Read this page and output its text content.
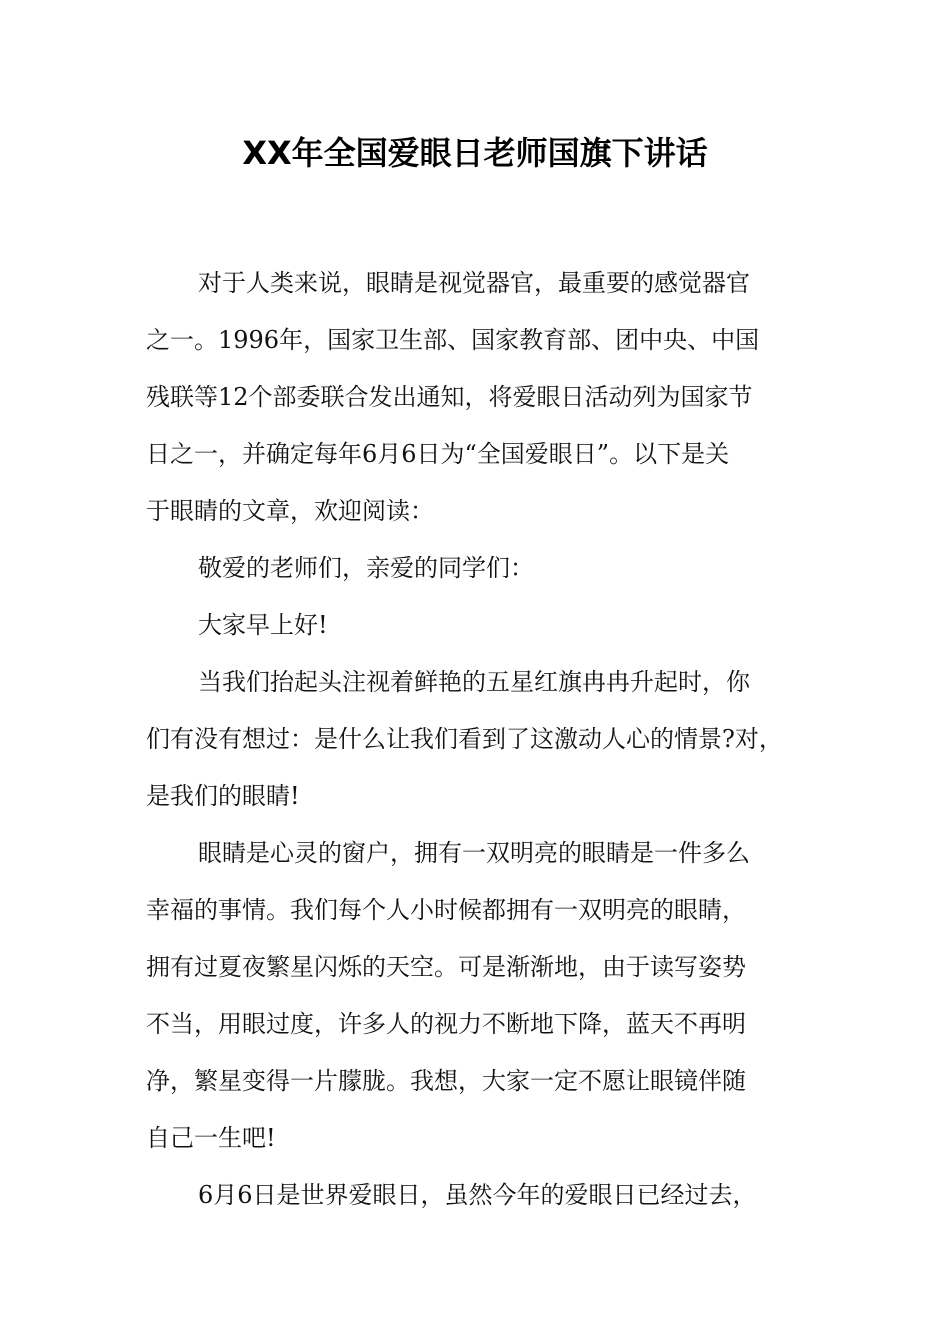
XX年全国爱眼日老师国旗下讲话
对于人类来说，眼睛是视觉器官，最重要的感觉器官
之一。1996年，国家卫生部、国家教育部、团中央、中国
残联等12个部委联合发出通知，将爱眼日活动列为国家节
日之一，并确定每年6月6日为“全国爱眼日”。以下是关
于眼睛的文章，欢迎阅读：
敬爱的老师们，亲爱的同学们：
大家早上好!
当我们抬起头注视着鲜艳的五星红旗冉冉升起时，你
们有没有想过：是什么让我们看到了这激动人心的情景?对，
是我们的眼睛!
眼睛是心灵的窗户，拥有一双明亮的眼睛是一件多么
幸福的事情。我们每个人小时候都拥有一双明亮的眼睛，
拥有过夏夜繁星闪烁的天空。可是渐渐地，由于读写姿势
不当，用眼过度，许多人的视力不断地下降，蓝天不再明
净，繁星变得一片朦胧。我想，大家一定不愿让眼镜伴随
自己一生吧!
6月6日是世界爱眼日，虽然今年的爱眼日已经过去，
